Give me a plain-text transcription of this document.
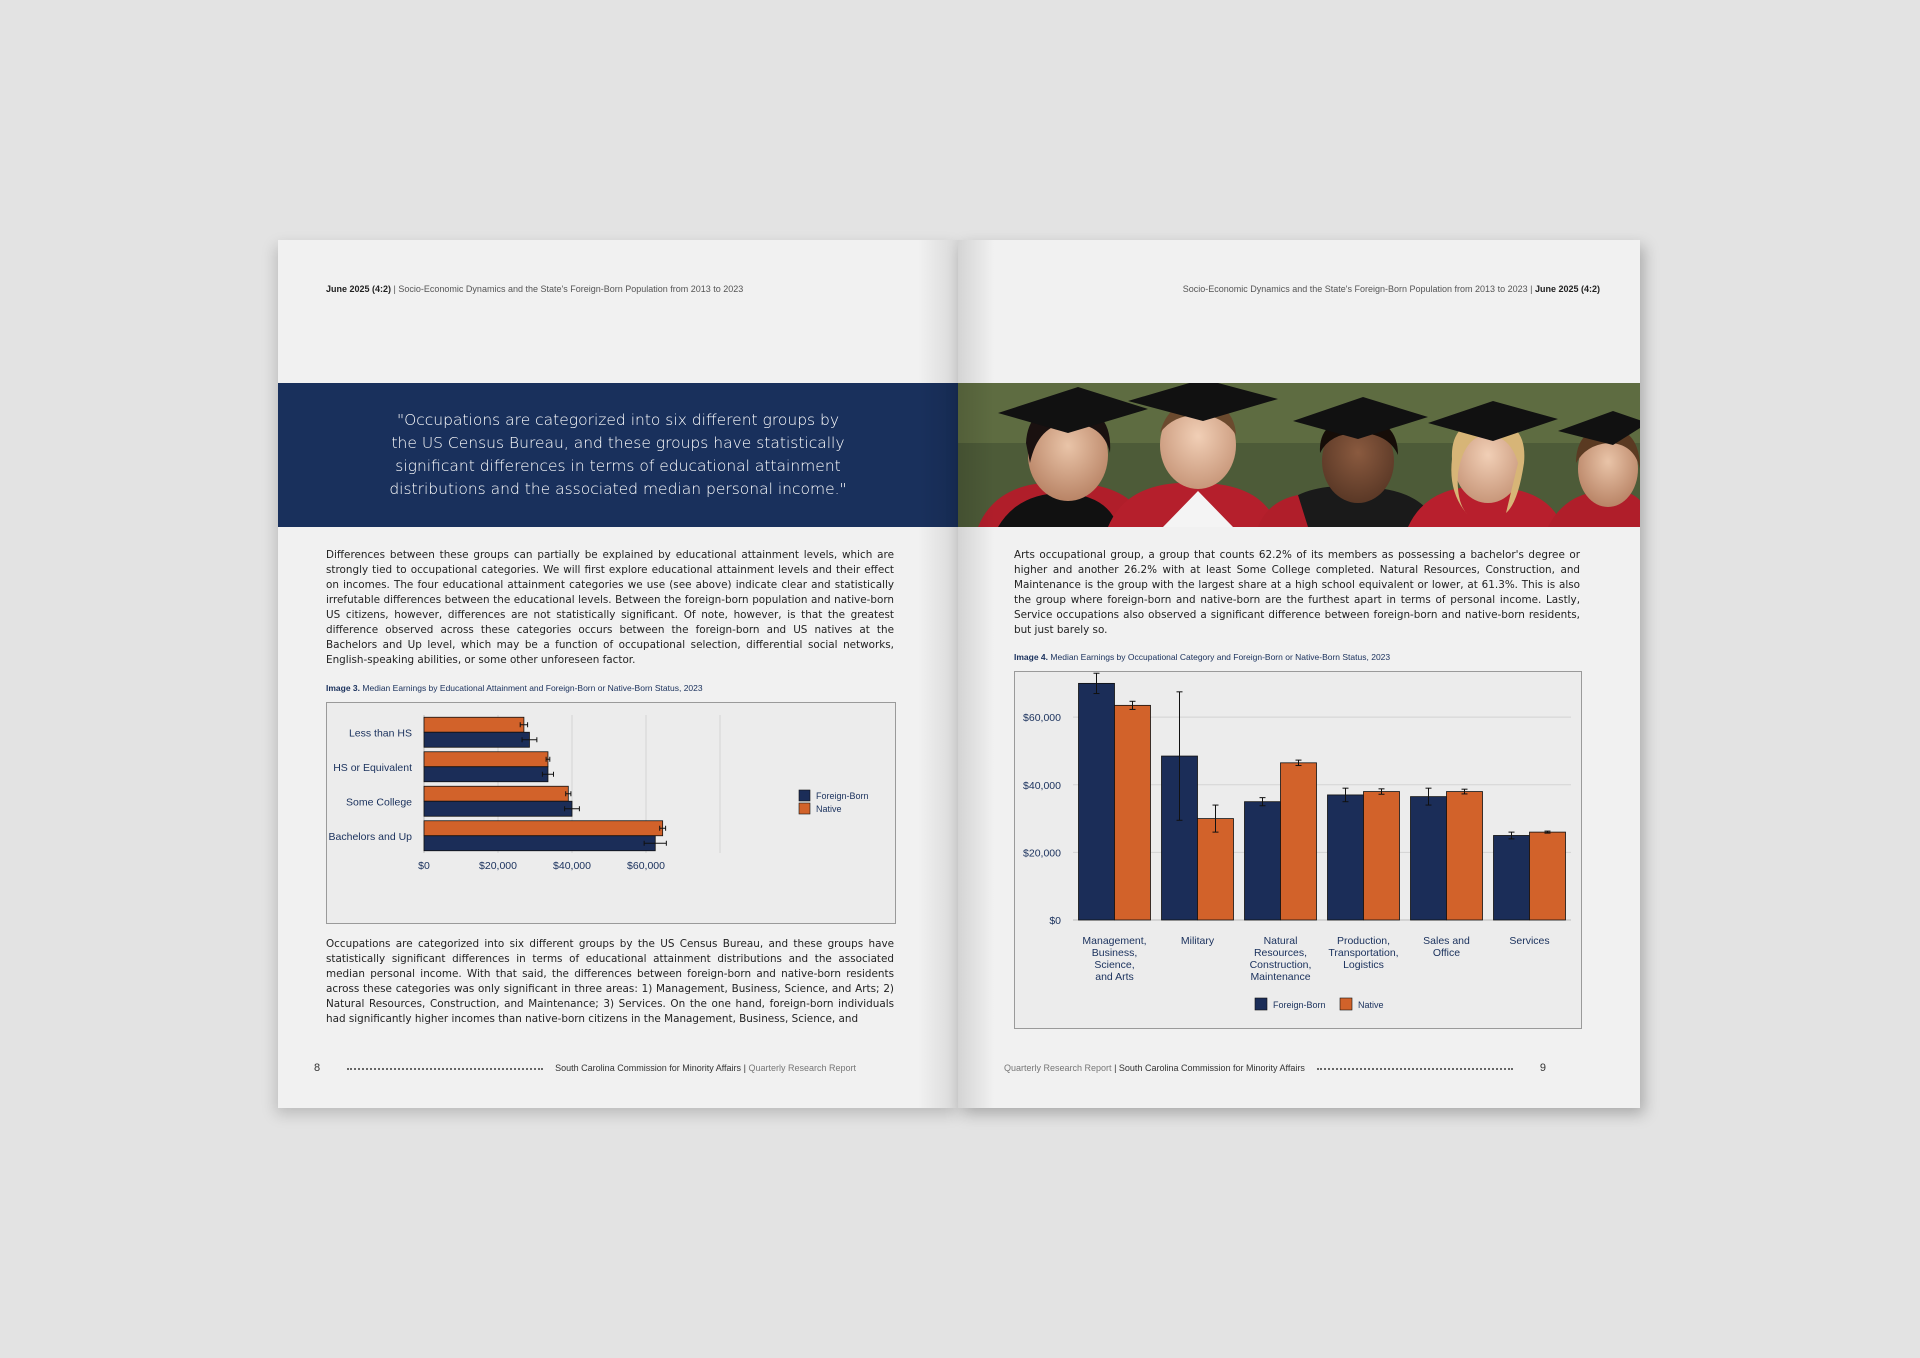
June 2025 (4:2) | Socio-Economic Dynamics and the State's Foreign-Born Population from 2013 to 2023

"Occupations are categorized into six different groups by the US Census Bureau, and these groups have statistically significant differences in terms of educational attainment distributions and the associated median personal income."

Differences between these groups can partially be explained by educational attainment levels, which are strongly tied to occupational categories. We will first explore educational attainment levels and their effect on incomes. The four educational attainment categories we use (see above) indicate clear and statistically irrefutable differences between the educational levels. Between the foreign-born population and native-born US citizens, however, differences are not statistically significant. Of note, however, is that the greatest difference observed across these categories occurs between the foreign-born and US natives at the Bachelors and Up level, which may be a function of occupational selection, differential social networks, English-speaking abilities, or some other unforeseen factor.
Image 3. Median Earnings by Educational Attainment and Foreign-Born or Native-Born Status, 2023
Less than HS
HS or Equivalent
Some College
Bachelors and Up
$0	$20,000	$40,000	$60,000
Foreign-Born
Native
Occupations are categorized into six different groups by the US Census Bureau, and these groups have statistically significant differences in terms of educational attainment distributions and the associated median personal income. With that said, the differences between foreign-born and native-born residents across these categories was only significant in three areas: 1) Management, Business, Science, and Arts; 2) Natural Resources, Construction, and Maintenance; 3) Services. On the one hand, foreign-born individuals had significantly higher incomes than native-born citizens in the Management, Business, Science, and
8	South Carolina Commission for Minority Affairs | Quarterly Research Report
Socio-Economic Dynamics and the State's Foreign-Born Population from 2013 to 2023 | June 2025 (4:2)
Arts occupational group, a group that counts 62.2% of its members as possessing a bachelor's degree or higher and another 26.2% with at least Some College completed. Natural Resources, Construction, and Maintenance is the group with the largest share at a high school equivalent or lower, at 61.3%. This is also the group where foreign-born and native-born are the furthest apart in terms of personal income. Lastly, Service occupations also observed a significant difference between foreign-born and native-born residents, but just barely so.
Image 4. Median Earnings by Occupational Category and Foreign-Born or Native-Born Status, 2023
$0
$20,000
$40,000
$60,000
Management, Business, Science, and Arts
Military	Natural Resources, Construction, Maintenance
Production, Transportation, Logistics
Sales and Office
Services
Foreign-Born	Native
Quarterly Research Report | South Carolina Commission for Minority Affairs	9
